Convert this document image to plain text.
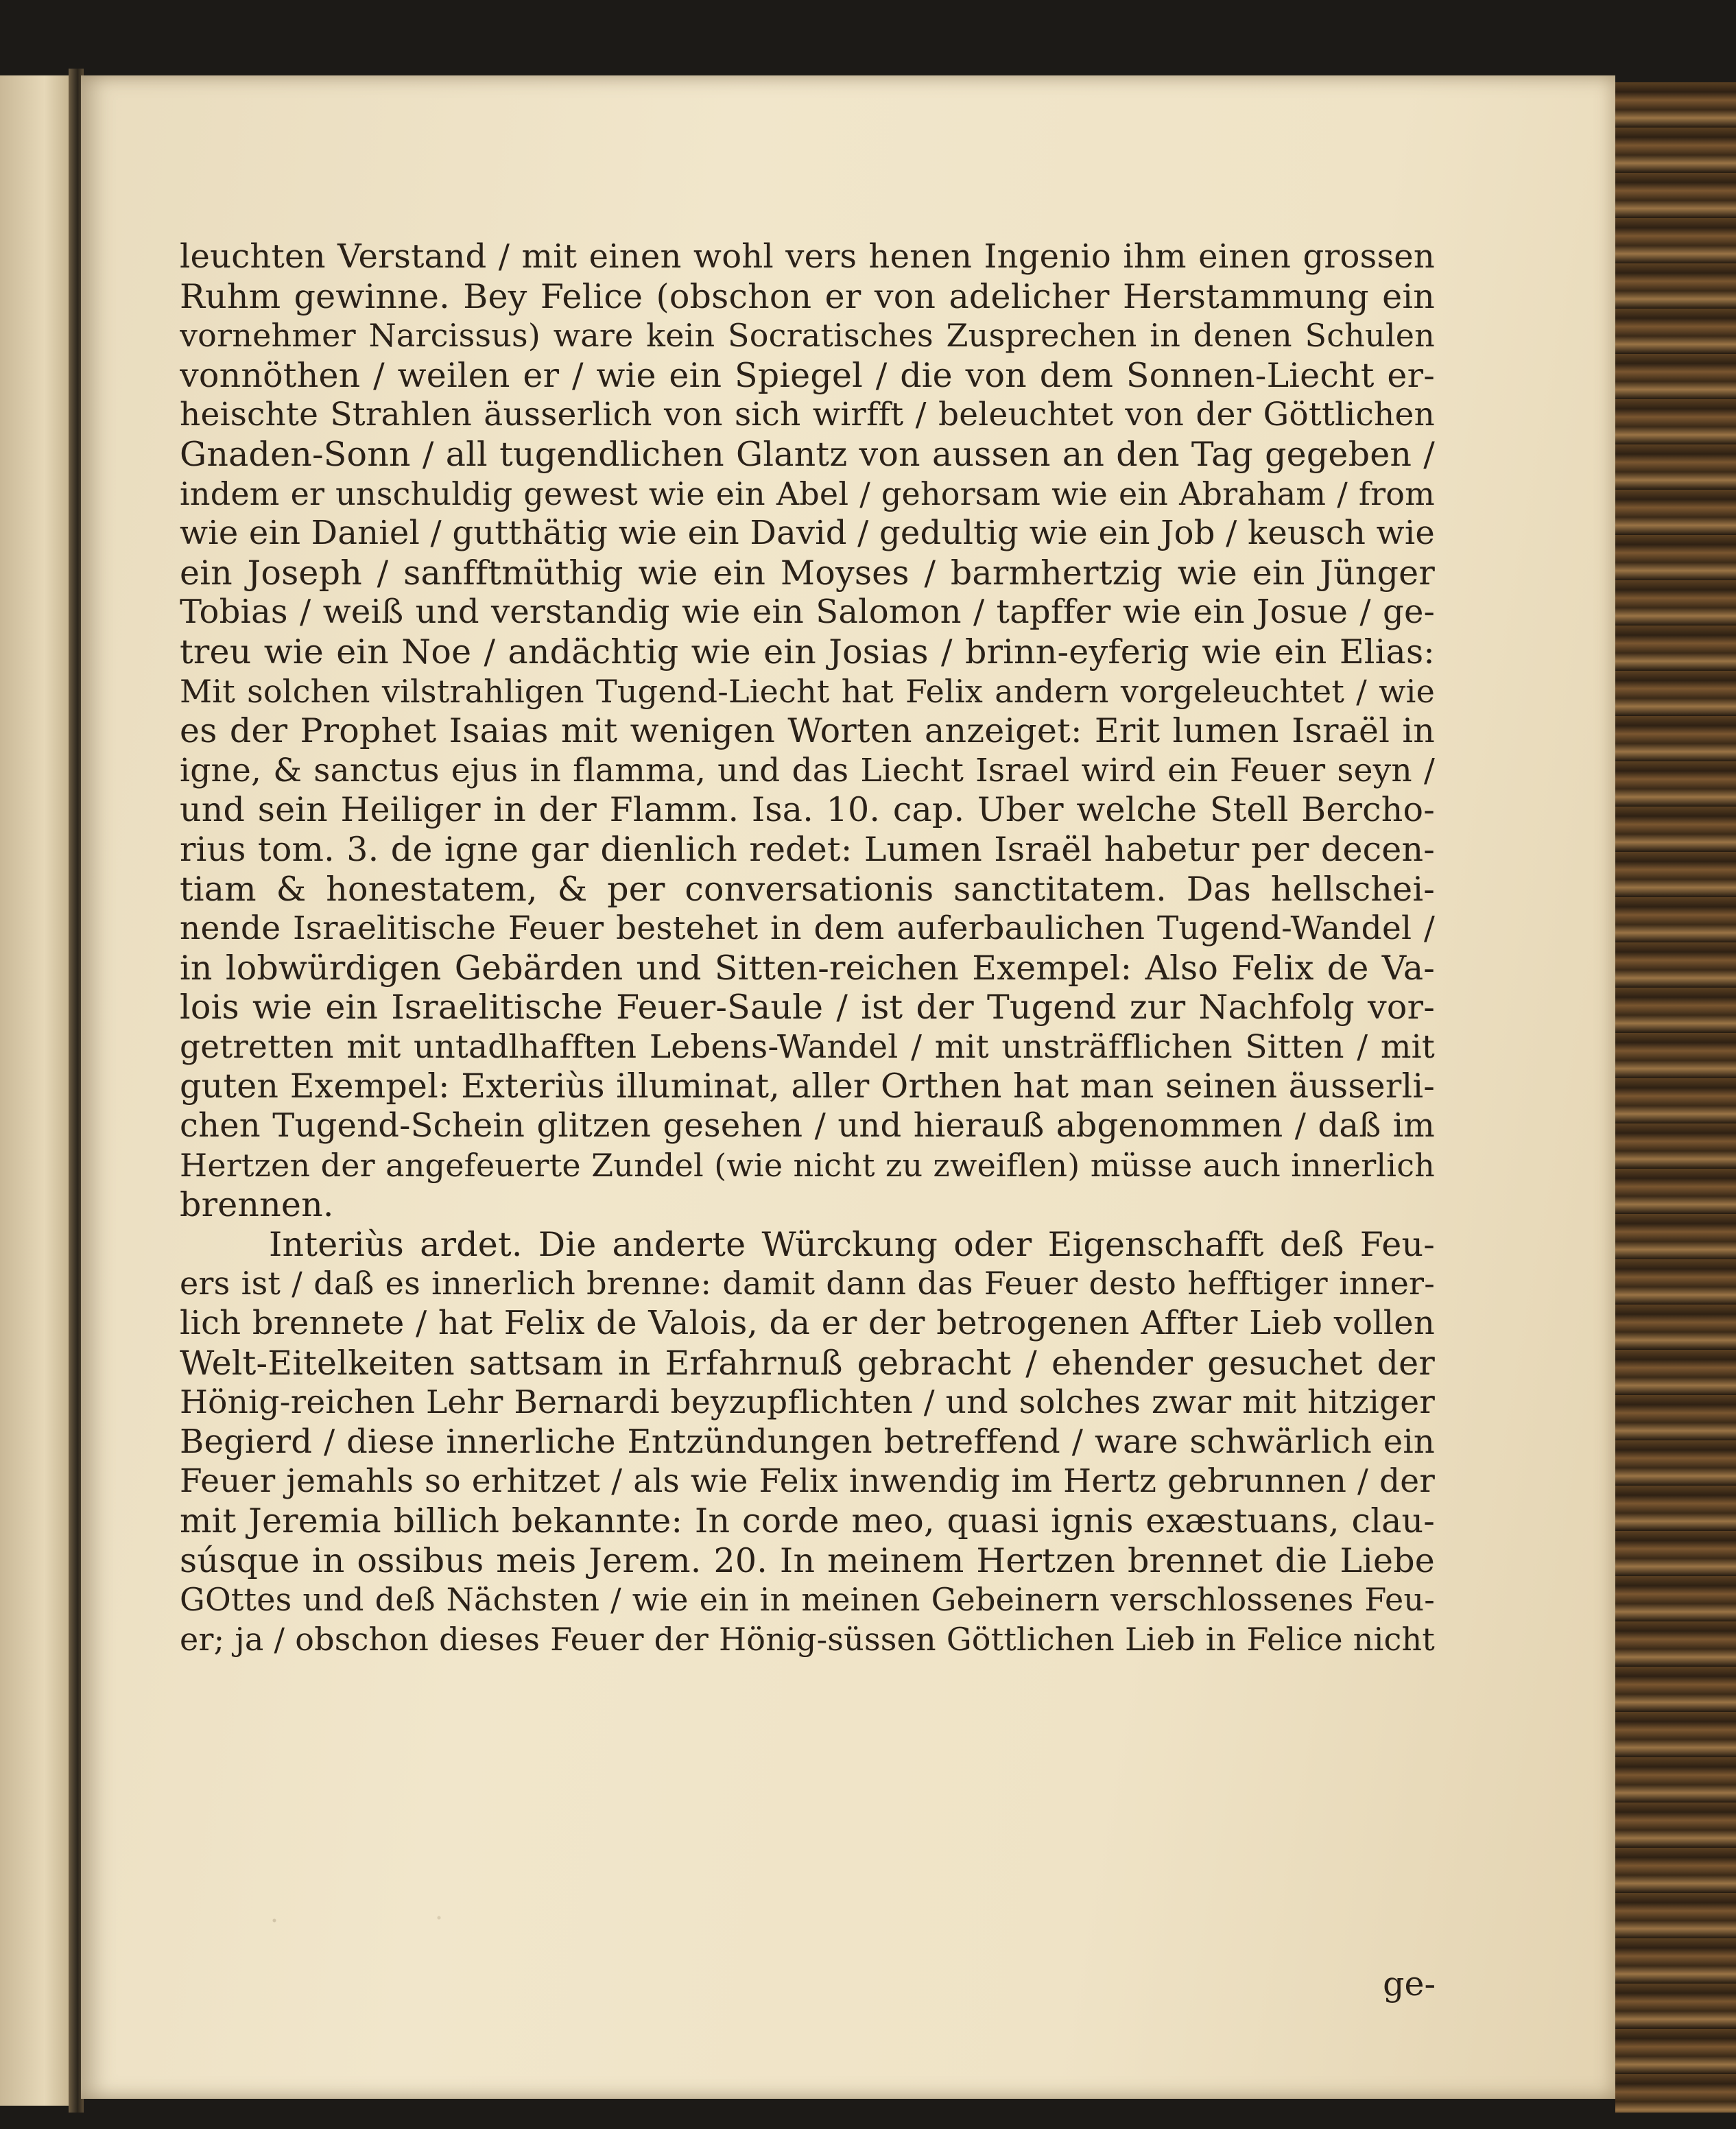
leuchten Verstand / mit einen wohl vers henen Ingenio ihm einen grossen
Ruhm gewinne. Bey Felice (obschon er von adelicher Herstammung ein
vornehmer Narcissus) ware kein Socratisches Zusprechen in denen Schulen
vonnöthen / weilen er / wie ein Spiegel / die von dem Sonnen-Liecht er-
heischte Strahlen äusserlich von sich wirfft / beleuchtet von der Göttlichen
Gnaden-Sonn / all tugendlichen Glantz von aussen an den Tag gegeben /
indem er unschuldig gewest wie ein Abel / gehorsam wie ein Abraham / from
wie ein Daniel / gutthätig wie ein David / gedultig wie ein Job / keusch wie
ein Joseph / sanfftmüthig wie ein Moyses / barmhertzig wie ein Jünger
Tobias / weiß und verstandig wie ein Salomon / tapffer wie ein Josue / ge-
treu wie ein Noe / andächtig wie ein Josias / brinn-eyferig wie ein Elias:
Mit solchen vilstrahligen Tugend-Liecht hat Felix andern vorgeleuchtet / wie
es der Prophet Isaias mit wenigen Worten anzeiget: Erit lumen Israël in
igne, & sanctus ejus in flamma, und das Liecht Israel wird ein Feuer seyn /
und sein Heiliger in der Flamm. Isa. 10. cap. Uber welche Stell Bercho-
rius tom. 3. de igne gar dienlich redet: Lumen Israël habetur per decen-
tiam & honestatem, & per conversationis sanctitatem. Das hellschei-
nende Israelitische Feuer bestehet in dem auferbaulichen Tugend-Wandel /
in lobwürdigen Gebärden und Sitten-reichen Exempel: Also Felix de Va-
lois wie ein Israelitische Feuer-Saule / ist der Tugend zur Nachfolg vor-
getretten mit untadlhafften Lebens-Wandel / mit unsträfflichen Sitten / mit
guten Exempel: Exteriùs illuminat, aller Orthen hat man seinen äusserli-
chen Tugend-Schein glitzen gesehen / und hierauß abgenommen / daß im
Hertzen der angefeuerte Zundel (wie nicht zu zweiflen) müsse auch innerlich
brennen.
Interiùs ardet. Die anderte Würckung oder Eigenschafft deß Feu-
ers ist / daß es innerlich brenne: damit dann das Feuer desto hefftiger inner-
lich brennete / hat Felix de Valois, da er der betrogenen Affter Lieb vollen
Welt-Eitelkeiten sattsam in Erfahrnuß gebracht / ehender gesuchet der
Hönig-reichen Lehr Bernardi beyzupflichten / und solches zwar mit hitziger
Begierd / diese innerliche Entzündungen betreffend / ware schwärlich ein
Feuer jemahls so erhitzet / als wie Felix inwendig im Hertz gebrunnen / der
mit Jeremia billich bekannte: In corde meo, quasi ignis exæstuans, clau-
súsque in ossibus meis Jerem. 20. In meinem Hertzen brennet die Liebe
GOttes und deß Nächsten / wie ein in meinen Gebeinern verschlossenes Feu-
er; ja / obschon dieses Feuer der Hönig-süssen Göttlichen Lieb in Felice nicht
ge-
